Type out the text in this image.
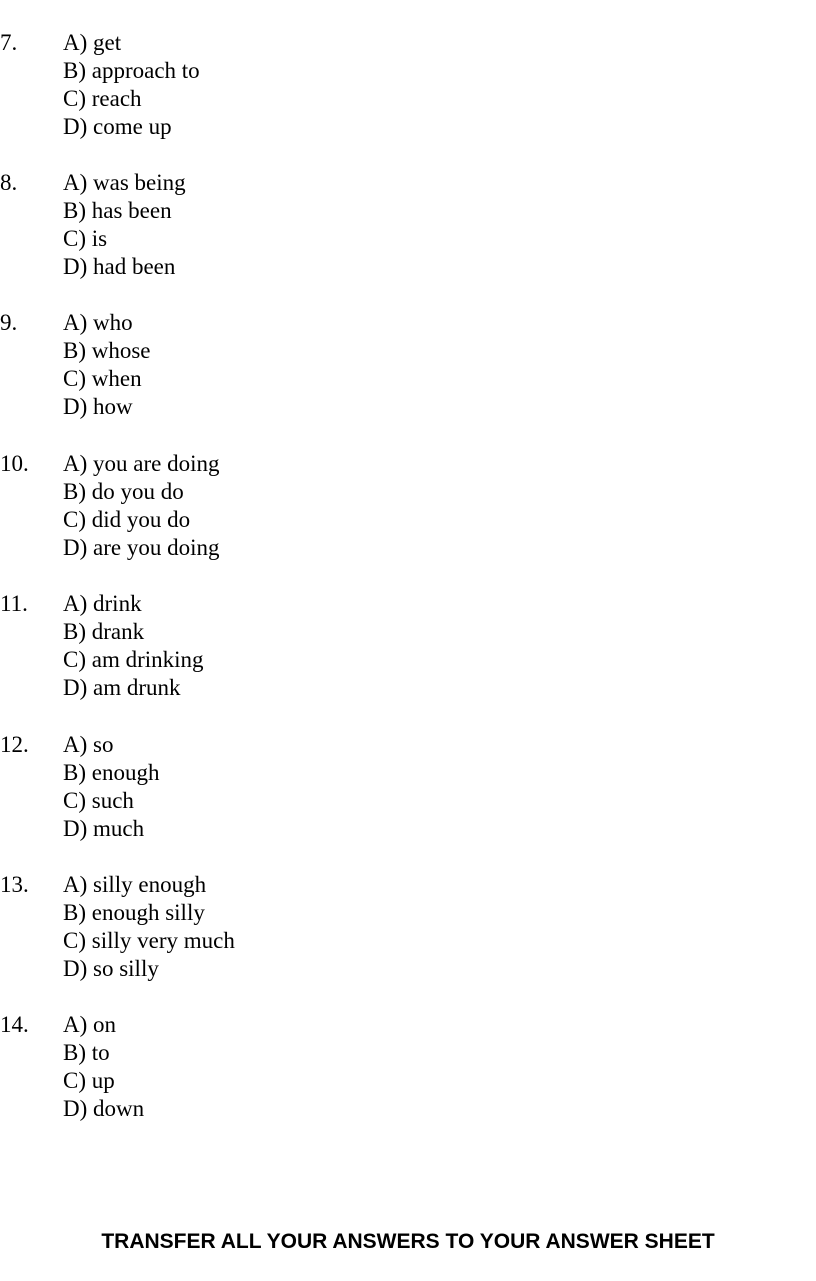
7. A) get
B) approach to
C) reach
D) come up
8. A) was being
B) has been
C) is
D) had been
9. A) who
B) whose
C) when
D) how
10. A) you are doing
B) do you do
C) did you do
D) are you doing
11. A) drink
B) drank
C) am drinking
D) am drunk
12. A) so
B) enough
C) such
D) much
13. A) silly enough
B) enough silly
C) silly very much
D) so silly
14. A) on
B) to
C) up
D) down
TRANSFER ALL YOUR ANSWERS TO YOUR ANSWER SHEET
